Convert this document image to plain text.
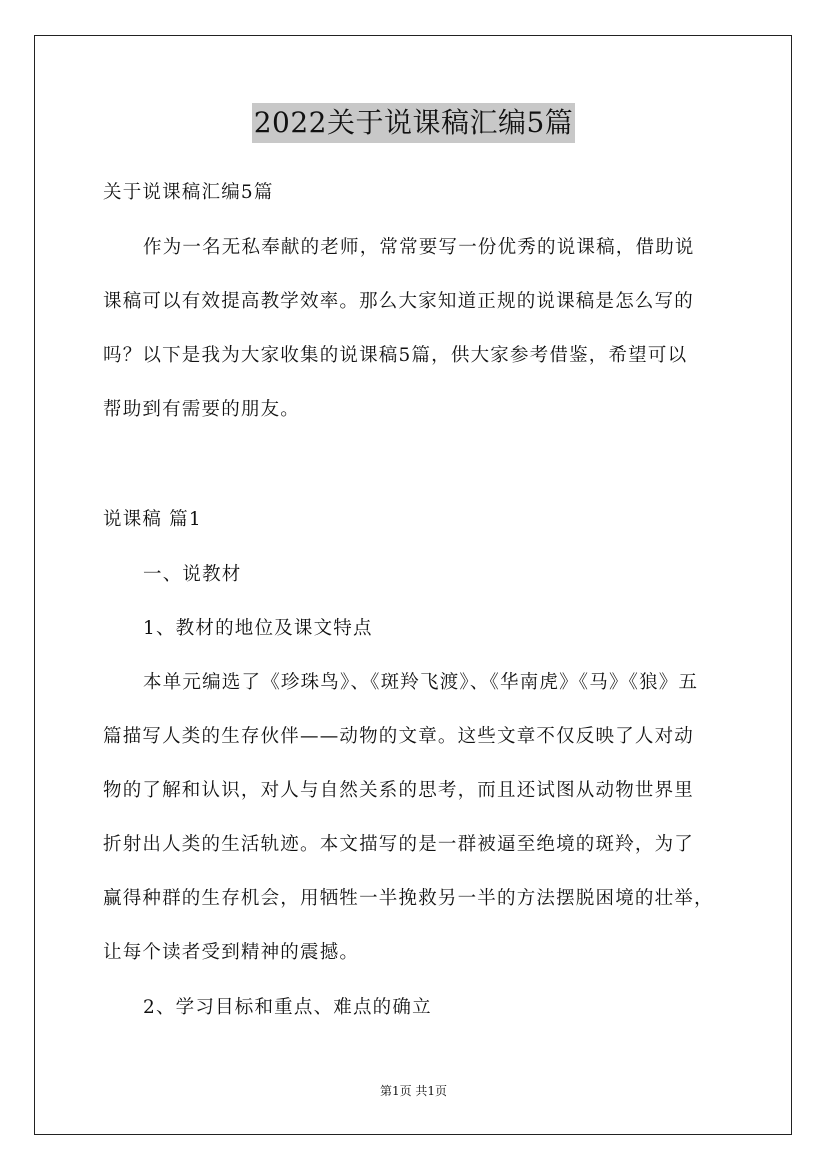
2022关于说课稿汇编5篇
关于说课稿汇编5篇
作为一名无私奉献的老师，常常要写一份优秀的说课稿，借助说
课稿可以有效提高教学效率。那么大家知道正规的说课稿是怎么写的
吗？以下是我为大家收集的说课稿5篇，供大家参考借鉴，希望可以
帮助到有需要的朋友。
说课稿 篇1
一、说教材
1、教材的地位及课文特点
本单元编选了《珍珠鸟》、《斑羚飞渡》、《华南虎》《马》《狼》五
篇描写人类的生存伙伴——动物的文章。这些文章不仅反映了人对动
物的了解和认识，对人与自然关系的思考，而且还试图从动物世界里
折射出人类的生活轨迹。本文描写的是一群被逼至绝境的斑羚，为了
赢得种群的生存机会，用牺牲一半挽救另一半的方法摆脱困境的壮举，
让每个读者受到精神的震撼。
2、学习目标和重点、难点的确立
第1页 共1页
